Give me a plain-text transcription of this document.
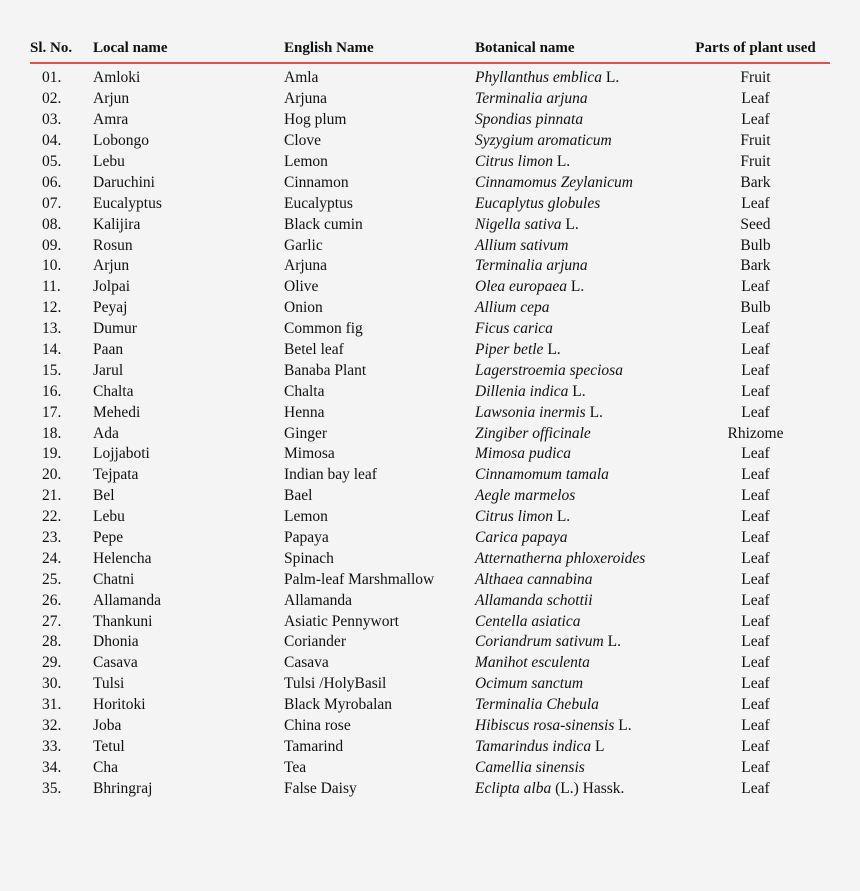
Sl. No.	Local name	English Name	Botanical name	Parts of plant used
01.	Amloki	Amla	Phyllanthus emblica L.	Fruit
02.	Arjun	Arjuna	Terminalia arjuna	Leaf
03.	Amra	Hog plum	Spondias pinnata	Leaf
04.	Lobongo	Clove	Syzygium aromaticum	Fruit
05.	Lebu	Lemon	Citrus limon L.	Fruit
06.	Daruchini	Cinnamon	Cinnamomus Zeylanicum	Bark
07.	Eucalyptus	Eucalyptus	Eucaplytus globules	Leaf
08.	Kalijira	Black cumin	Nigella sativa L.	Seed
09.	Rosun	Garlic	Allium sativum	Bulb
10.	Arjun	Arjuna	Terminalia arjuna	Bark
11.	Jolpai	Olive	Olea europaea L.	Leaf
12.	Peyaj	Onion	Allium cepa	Bulb
13.	Dumur	Common fig	Ficus carica	Leaf
14.	Paan	Betel leaf	Piper betle L.	Leaf
15.	Jarul	Banaba Plant	Lagerstroemia speciosa	Leaf
16.	Chalta	Chalta	Dillenia indica L.	Leaf
17.	Mehedi	Henna	Lawsonia inermis L.	Leaf
18.	Ada	Ginger	Zingiber officinale	Rhizome
19.	Lojjaboti	Mimosa	Mimosa pudica	Leaf
20.	Tejpata	Indian bay leaf	Cinnamomum tamala	Leaf
21.	Bel	Bael	Aegle marmelos	Leaf
22.	Lebu	Lemon	Citrus limon L.	Leaf
23.	Pepe	Papaya	Carica papaya	Leaf
24.	Helencha	Spinach	Atternatherna phloxeroides	Leaf
25.	Chatni	Palm-leaf Marshmallow	Althaea cannabina	Leaf
26.	Allamanda	Allamanda	Allamanda schottii	Leaf
27.	Thankuni	Asiatic Pennywort	Centella asiatica	Leaf
28.	Dhonia	Coriander	Coriandrum sativum L.	Leaf
29.	Casava	Casava	Manihot esculenta	Leaf
30.	Tulsi	Tulsi /HolyBasil	Ocimum sanctum	Leaf
31.	Horitoki	Black Myrobalan	Terminalia Chebula	Leaf
32.	Joba	China rose	Hibiscus rosa-sinensis L.	Leaf
33.	Tetul	Tamarind	Tamarindus indica L	Leaf
34.	Cha	Tea	Camellia sinensis	Leaf
35.	Bhringraj	False Daisy	Eclipta alba (L.) Hassk.	Leaf
